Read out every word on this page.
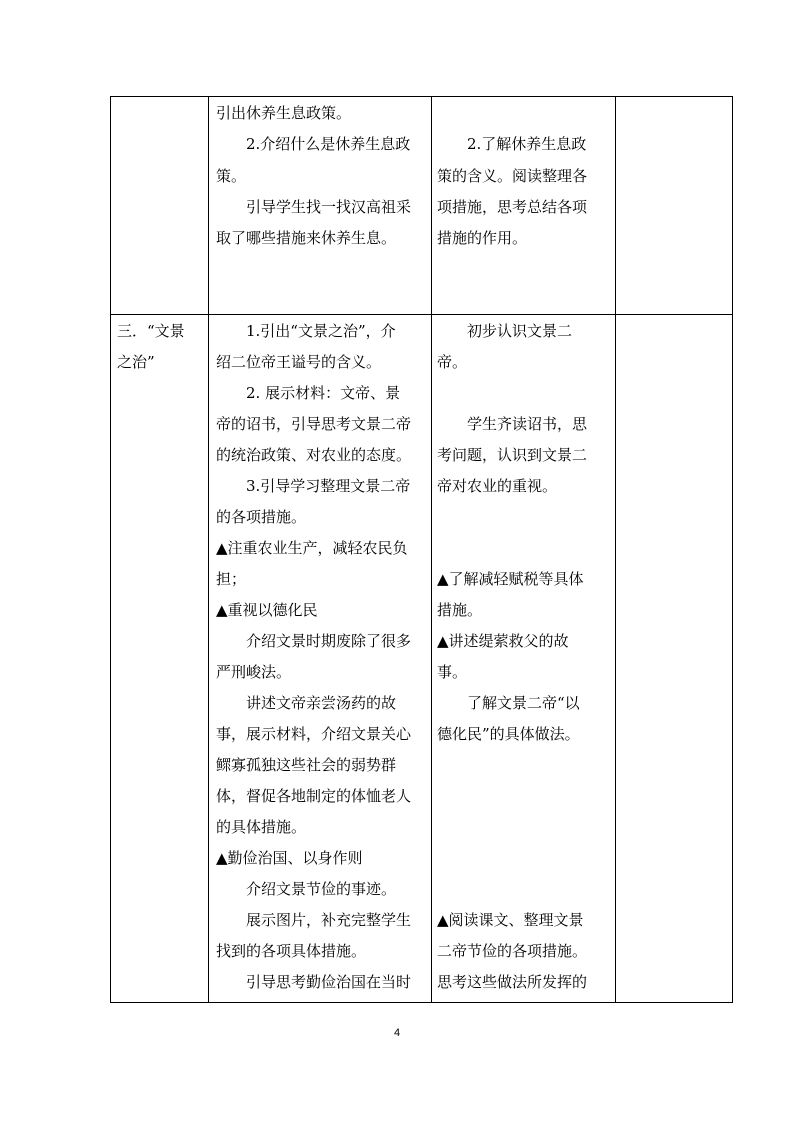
引出休养生息政策。
2.介绍什么是休养生息政
策。
引导学生找一找汉高祖采
取了哪些措施来休养生息。
2.了解休养生息政
策的含义。阅读整理各
项措施，思考总结各项
措施的作用。
三．“文景
之治”
1.引出“文景之治”，介
绍二位帝王谥号的含义。
2. 展示材料：文帝、景
帝的诏书，引导思考文景二帝
的统治政策、对农业的态度。
3.引导学习整理文景二帝
的各项措施。
▲注重农业生产，减轻农民负
担；
▲重视以德化民
介绍文景时期废除了很多
严刑峻法。
讲述文帝亲尝汤药的故
事，展示材料，介绍文景关心
鳏寡孤独这些社会的弱势群
体，督促各地制定的体恤老人
的具体措施。
▲勤俭治国、以身作则
介绍文景节俭的事迹。
展示图片，补充完整学生
找到的各项具体措施。
引导思考勤俭治国在当时
初步认识文景二
帝。
学生齐读诏书，思
考问题，认识到文景二
帝对农业的重视。
▲了解减轻赋税等具体
措施。
▲讲述缇萦救父的故
事。
了解文景二帝“以
德化民”的具体做法。
▲阅读课文、整理文景
二帝节俭的各项措施。
思考这些做法所发挥的
4
